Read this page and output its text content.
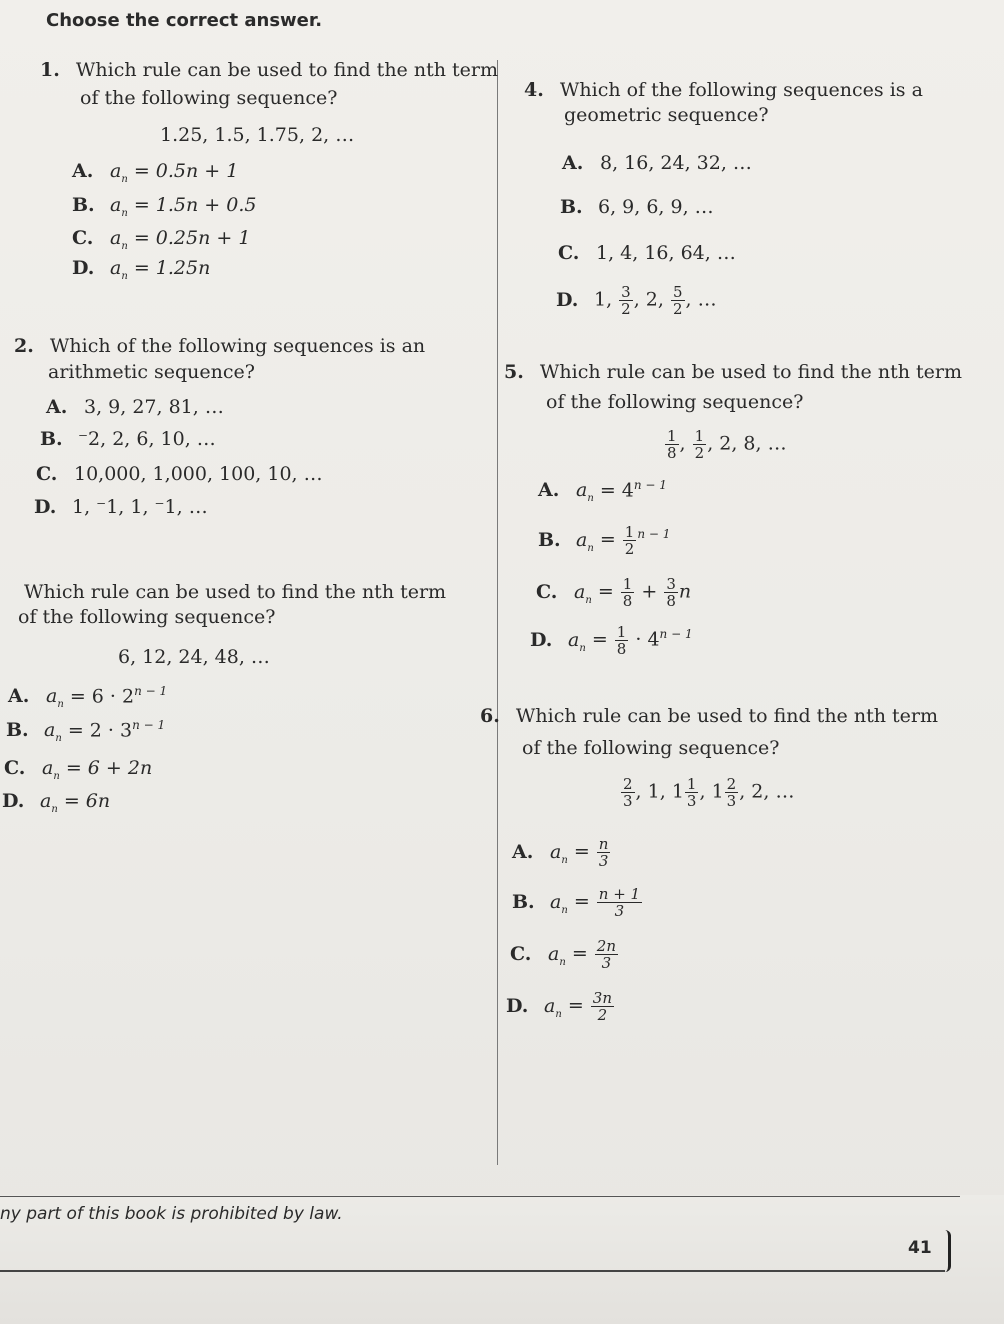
Choose the correct answer.
1. Which rule can be used to find the nth term
of the following sequence?
1.25, 1.5, 1.75, 2, …
A. $a_n = 0.5n + 1$
B. $a_n = 1.5n + 0.5$
C. $a_n = 0.25n + 1$
D. $a_n = 1.25n$
2. Which of the following sequences is an
arithmetic sequence?
A. 3, 9, 27, 81, …
B. ⁻2, 2, 6, 10, …
C. 10,000, 1,000, 100, 10, …
D. 1, ⁻1, 1, ⁻1, …
Which rule can be used to find the nth term
of the following sequence?
6, 12, 24, 48, …
A. $a_n = 6 \cdot 2^{n - 1}$
B. $a_n = 2 \cdot 3^{n - 1}$
C. $a_n = 6 + 2n$
D. $a_n = 6n$
4. Which of the following sequences is a
geometric sequence?
A. 8, 16, 24, 32, …
B. 6, 9, 6, 9, …
C. 1, 4, 16, 64, …
D. 1, $\frac{3}{2}$ , 2, $\frac{5}{2}$ , …
5. Which rule can be used to find the nth term
of the following sequence?
$\frac{1}{8}$ , $\frac{1}{2}$ , 2, 8, …
A. $a_n = 4^{n - 1}$
B. $a_n = \frac{1}{2} ^{n - 1}$
C. $a_n = \frac{1}{8} + \frac{3}{8}$ n
D. $a_n = \frac{1}{8} \cdot 4^{n - 1}$
6. Which rule can be used to find the nth term
of the following sequence?
$\frac{2}{3}$ , 1, $1 \frac{1}{3}$ , $1 \frac{2}{3}$ , 2, …
A. $a_n = \frac{n}{3}$
B. $a_n = \frac{n + 1}{3}$
C. $a_n = \frac{2n}{3}$
D. $a_n = \frac{3n}{2}$
ny part of this book is prohibited by law.
41
